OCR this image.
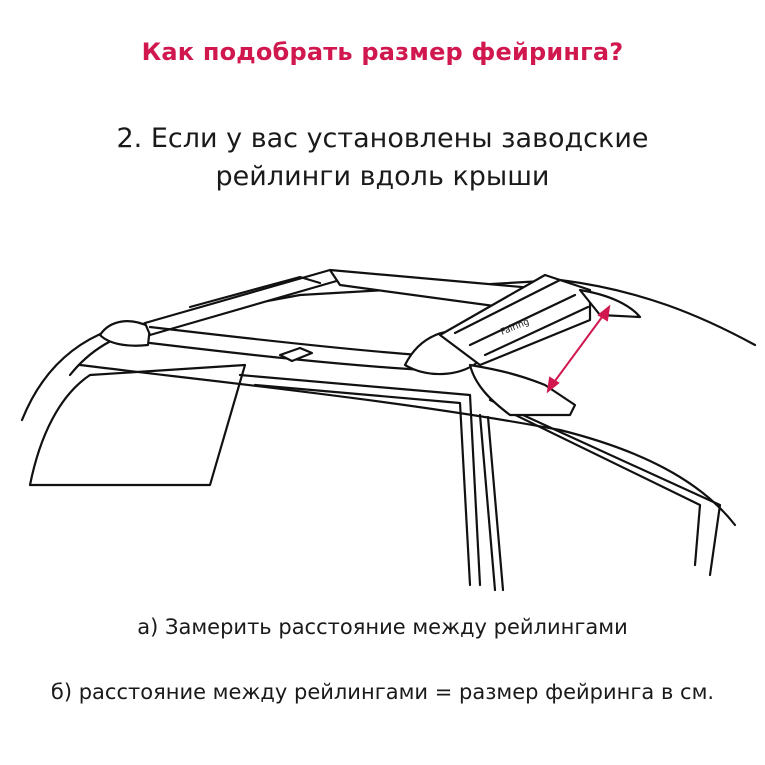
Как подобрать размер фейринга?
2. Если у вас установлены заводские
рейлинги вдоль крыши
Fairing
а) Замерить расстояние между рейлингами
б) расстояние между рейлингами = размер фейринга в см.
